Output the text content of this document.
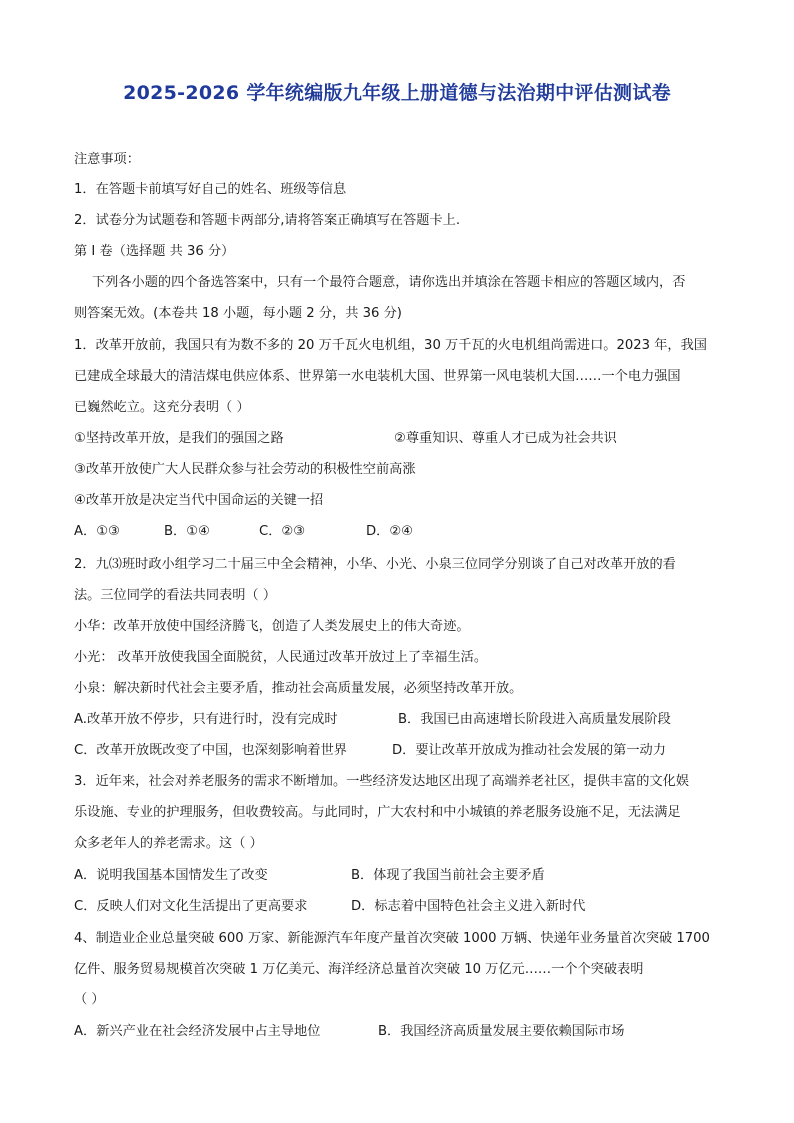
2025-2026 学年统编版九年级上册道德与法治期中评估测试卷
注意事项：
1．在答题卡前填写好自己的姓名、班级等信息
2．试卷分为试题卷和答题卡两部分,请将答案正确填写在答题卡上.
第 I 卷（选择题 共 36 分）
下列各小题的四个备选答案中，只有一个最符合题意，请你选出并填涂在答题卡相应的答题区域内，否
则答案无效。(本卷共 18 小题，每小题 2 分，共 36 分)
1．改革开放前，我国只有为数不多的 20 万千瓦火电机组，30 万千瓦的火电机组尚需进口。2023 年，我国
已建成全球最大的清洁煤电供应体系、世界第一水电装机大国、世界第一风电装机大国……一个电力强国
已巍然屹立。这充分表明（ ）
①坚持改革开放，是我们的强国之路	②尊重知识、尊重人才已成为社会共识
③改革开放使广大人民群众参与社会劳动的积极性空前高涨
④改革开放是决定当代中国命运的关键一招
A．①③	B．①④	C．②③	D．②④
2．九⑶班时政小组学习二十届三中全会精神，小华、小光、小泉三位同学分别谈了自己对改革开放的看
法。三位同学的看法共同表明（ ）
小华：改革开放使中国经济腾飞，创造了人类发展史上的伟大奇迹。
小光： 改革开放使我国全面脱贫，人民通过改革开放过上了幸福生活。
小泉：解决新时代社会主要矛盾，推动社会高质量发展，必须坚持改革开放。
A.改革开放不停步，只有进行时，没有完成时	B．我国已由高速增长阶段进入高质量发展阶段
C．改革开放既改变了中国，也深刻影响着世界	D．要让改革开放成为推动社会发展的第一动力
3．近年来，社会对养老服务的需求不断增加。一些经济发达地区出现了高端养老社区，提供丰富的文化娱
乐设施、专业的护理服务，但收费较高。与此同时，广大农村和中小城镇的养老服务设施不足，无法满足
众多老年人的养老需求。这（ ）
A．说明我国基本国情发生了改变	B．体现了我国当前社会主要矛盾
C．反映人们对文化生活提出了更高要求	D．标志着中国特色社会主义进入新时代
4、制造业企业总量突破 600 万家、新能源汽车年度产量首次突破 1000 万辆、快递年业务量首次突破 1700
亿件、服务贸易规模首次突破 1 万亿美元、海洋经济总量首次突破 10 万亿元……一个个突破表明
（ ）
A．新兴产业在社会经济发展中占主导地位	B．我国经济高质量发展主要依赖国际市场
